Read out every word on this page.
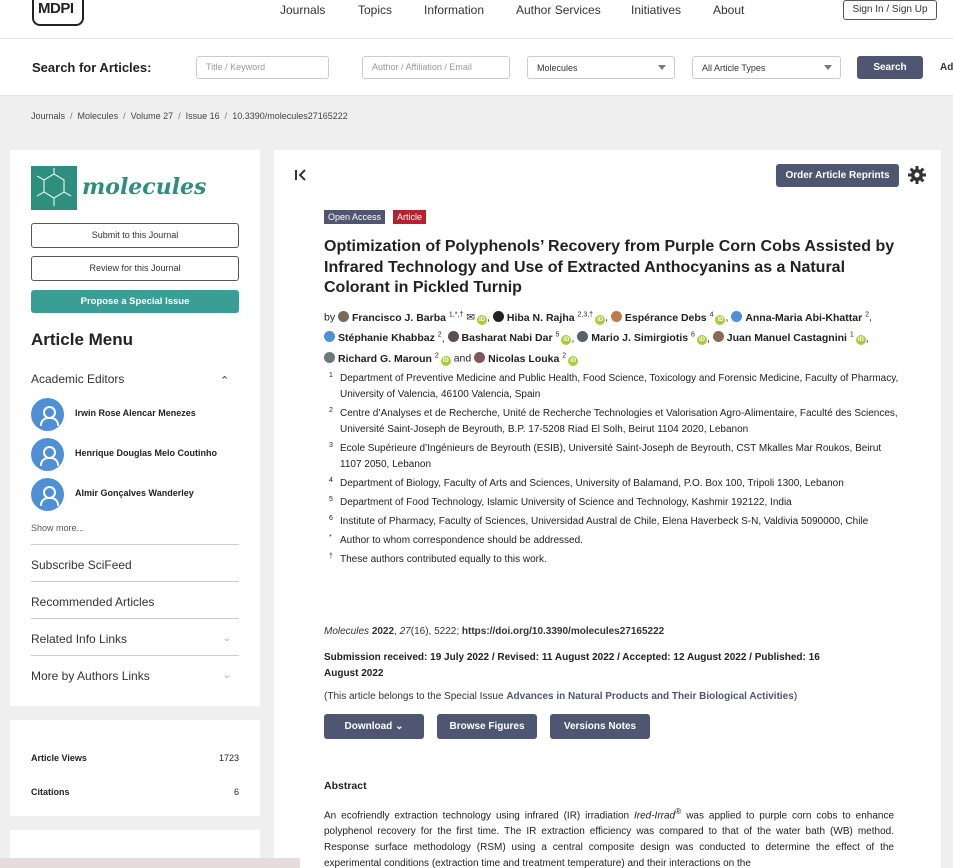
MDPI	Journals	Topics	Information	Author Services	Initiatives	About	Sign In / Sign Up
Search for Articles:	Title / Keyword	Author / Affiliation / Email	Molecules	All Article Types	Search	Ad
Journals / Molecules / Volume 27 / Issue 16 / 10.3390/molecules27165222
molecules
Submit to this Journal
Review for this Journal
Propose a Special Issue
Article Menu
Academic Editors	⌃
Irwin Rose Alencar Menezes
Henrique Douglas Melo Coutinho
Almir Gonçalves Wanderley
Show more...
Subscribe SciFeed
Recommended Articles
Related Info Links	⌄
More by Authors Links	⌄
Article Views	1723
Citations	6
Order Article Reprints
Open Access	Article
Optimization of Polyphenols’ Recovery from Purple Corn Cobs Assisted by Infrared Technology and Use of Extracted Anthocyanins as a Natural Colorant in Pickled Turnip
by Francisco J. Barba $^{1,*,\dagger}$ ✉ iD , Hiba N. Rajha $^{2,3,\dagger}$iD , Espérance Debs $^4$iD , Anna-Maria Abi-Khattar $^2$, Stéphanie Khabbaz $^2$, Basharat Nabi Dar $^5$iD , Mario J. Simirgiotis $^6$iD , Juan Manuel Castagnini $^1$iD , Richard G. Maroun $^2$iD and Nicolas Louka $^2$iD
1 Department of Preventive Medicine and Public Health, Food Science, Toxicology and Forensic Medicine, Faculty of Pharmacy, University of Valencia, 46100 Valencia, Spain
2 Centre d’Analyses et de Recherche, Unité de Recherche Technologies et Valorisation Agro-Alimentaire, Faculté des Sciences, Université Saint-Joseph de Beyrouth, B.P. 17-5208 Riad El Solh, Beirut 1104 2020, Lebanon
3 Ecole Supérieure d’Ingénieurs de Beyrouth (ESIB), Université Saint-Joseph de Beyrouth, CST Mkalles Mar Roukos, Beirut 1107 2050, Lebanon
4 Department of Biology, Faculty of Arts and Sciences, University of Balamand, P.O. Box 100, Tripoli 1300, Lebanon
5 Department of Food Technology, Islamic University of Science and Technology, Kashmir 192122, India
6 Institute of Pharmacy, Faculty of Sciences, Universidad Austral de Chile, Elena Haverbeck S-N, Valdivia 5090000, Chile
* Author to whom correspondence should be addressed.
† These authors contributed equally to this work.
Molecules 2022, 27(16), 5222; https://doi.org/10.3390/molecules27165222
Submission received: 19 July 2022 / Revised: 11 August 2022 / Accepted: 12 August 2022 / Published: 16 August 2022
(This article belongs to the Special Issue Advances in Natural Products and Their Biological Activities)
Download ⌄	Browse Figures	Versions Notes
Abstract
An ecofriendly extraction technology using infrared (IR) irradiation Ired-Irrad® was applied to purple corn cobs to enhance polyphenol recovery for the first time. The IR extraction efficiency was compared to that of the water bath (WB) method. Response surface methodology (RSM) using a central composite design was conducted to determine the effect of the experimental conditions (extraction time and treatment temperature) and their interactions on the
